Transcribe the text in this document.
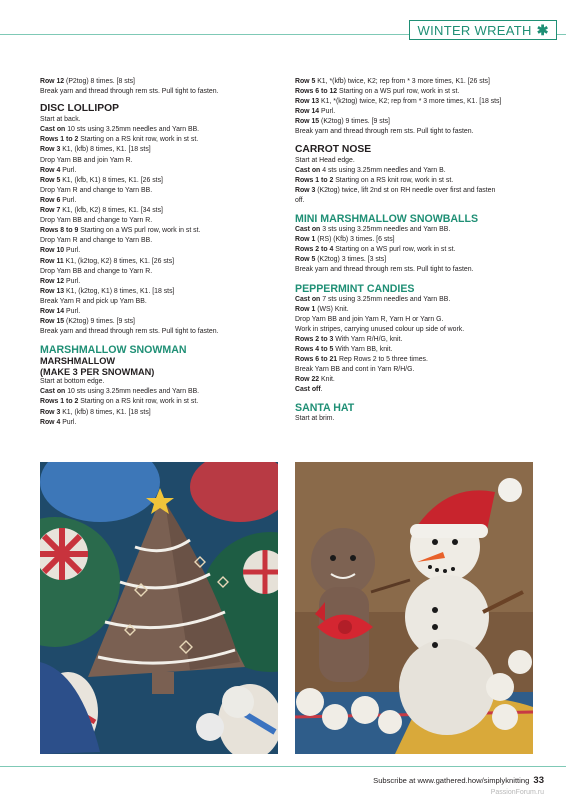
WINTER WREATH ✱

Row 12 (P2tog) 8 times. [8 sts]

Break yarn and thread through rem sts. Pull tight to fasten.

DISC LOLLIPOP

Start at back.

Cast on 10 sts using 3.25mm needles and Yarn BB.

Rows 1 to 2 Starting on a RS knit row, work in st st.

Row 3 K1, (kfb) 8 times, K1. [18 sts]

Drop Yarn BB and join Yarn R.

Row 4 Purl.

Row 5 K1, (kfb, K1) 8 times, K1. [26 sts]

Drop Yarn R and change to Yarn BB.

Row 6 Purl.

Row 7 K1, (kfb, K2) 8 times, K1. [34 sts]

Drop Yarn BB and change to Yarn R.

Rows 8 to 9 Starting on a WS purl row, work in st st.

Drop Yarn R and change to Yarn BB.

Row 10 Purl.

Row 11 K1, (k2tog, K2) 8 times, K1. [26 sts]

Drop Yarn BB and change to Yarn R.

Row 12 Purl.

Row 13 K1, (k2tog, K1) 8 times, K1. [18 sts]

Break Yarn R and pick up Yarn BB.

Row 14 Purl.

Row 15 (K2tog) 9 times. [9 sts]

Break yarn and thread through rem sts. Pull tight to fasten.

MARSHMALLOW SNOWMAN

MARSHMALLOW

(MAKE 3 PER SNOWMAN)

Start at bottom edge.

Cast on 10 sts using 3.25mm needles and Yarn BB.

Rows 1 to 2 Starting on a RS knit row, work in st st.

Row 3 K1, (kfb) 8 times, K1. [18 sts]

Row 4 Purl.

Row 5 K1, *(kfb) twice, K2; rep from * 3 more times, K1. [26 sts]

Rows 6 to 12 Starting on a WS purl row, work in st st.

Row 13 K1, *(k2tog) twice, K2; rep from * 3 more times, K1. [18 sts]

Row 14 Purl.

Row 15 (K2tog) 9 times. [9 sts]

Break yarn and thread through rem sts. Pull tight to fasten.

CARROT NOSE

Start at Head edge.

Cast on 4 sts using 3.25mm needles and Yarn B.

Rows 1 to 2 Starting on a RS knit row, work in st st.

Row 3 (K2tog) twice, lift 2nd st on RH needle over first and fasten

off.

MINI MARSHMALLOW SNOWBALLS

Cast on 3 sts using 3.25mm needles and Yarn BB.

Row 1 (RS) (Kfb) 3 times. [6 sts]

Rows 2 to 4 Starting on a WS purl row, work in st st.

Row 5 (K2tog) 3 times. [3 sts]

Break yarn and thread through rem sts. Pull tight to fasten.

PEPPERMINT CANDIES

Cast on 7 sts using 3.25mm needles and Yarn BB.

Row 1 (WS) Knit.

Drop Yarn BB and join Yarn R, Yarn H or Yarn G.

Work in stripes, carrying unused colour up side of work.

Rows 2 to 3 With Yarn R/H/G, knit.

Rows 4 to 5 With Yarn BB, knit.

Rows 6 to 21 Rep Rows 2 to 5 three times.

Break Yarn BB and cont in Yarn R/H/G.

Row 22 Knit.

Cast off.

SANTA HAT

Start at brim.

Subscribe at www.gathered.how/simplyknitting 33
PassionForum.ru
